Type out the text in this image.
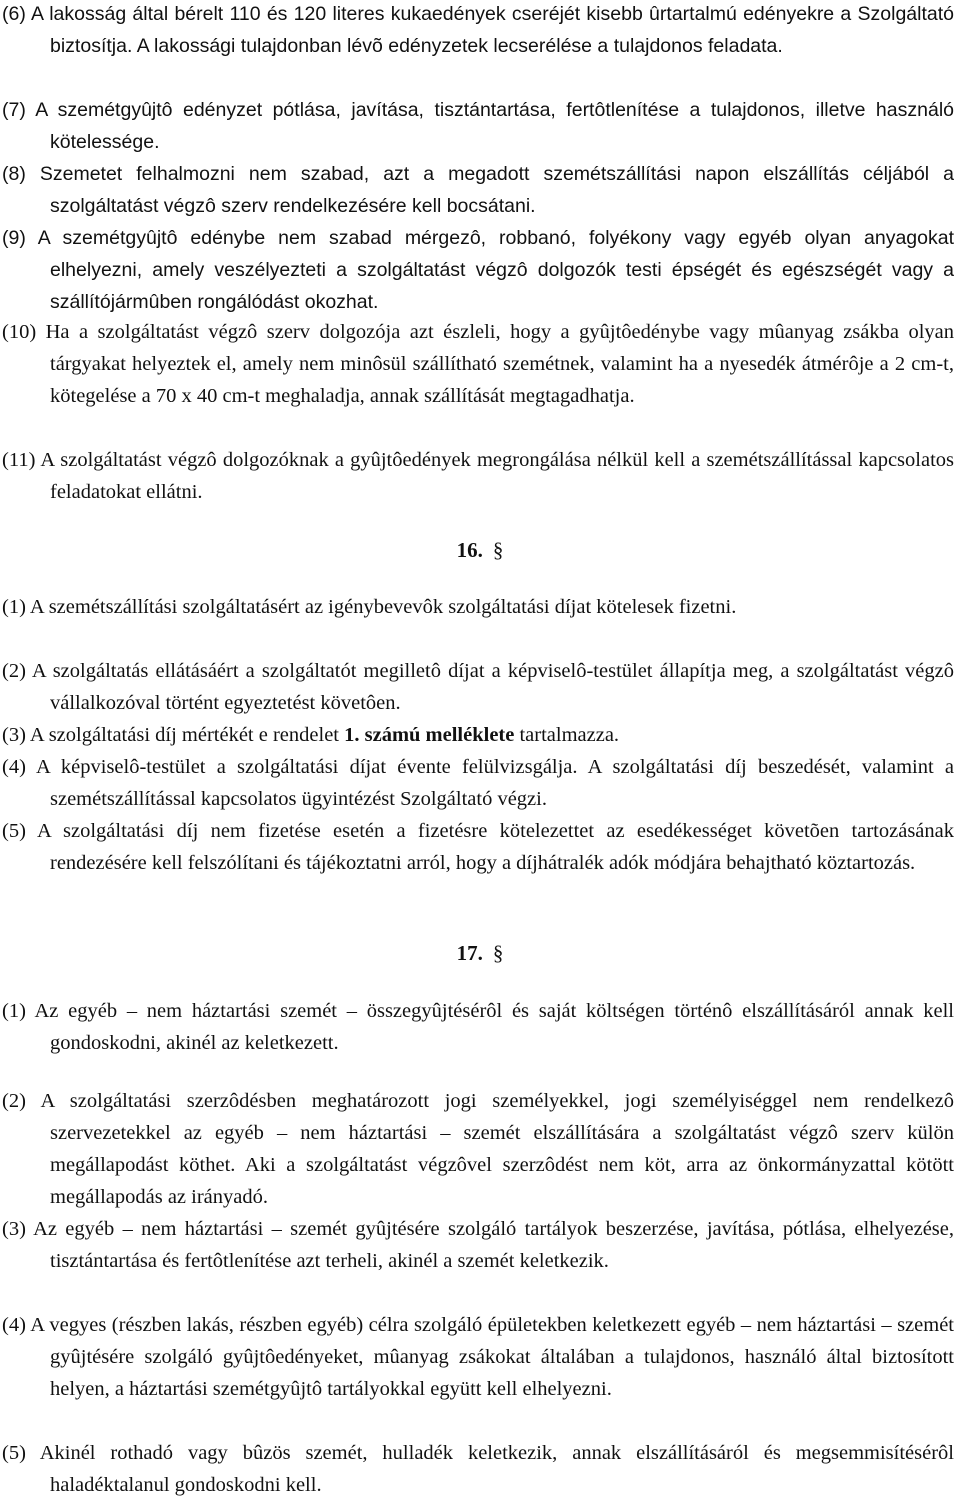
(6) A lakosság által bérelt 110 és 120 literes kukaedények cseréjét kisebb ûrtartalmú edényekre a Szolgáltató biztosítja. A lakossági tulajdonban lévõ edényzetek lecserélése a tulajdonos feladata.

(7) A szemétgyûjtô edényzet pótlása, javítása, tisztántartása, fertôtlenítése a tulajdonos, illetve használó kötelessége.

(8) Szemetet felhalmozni nem szabad, azt a megadott szemétszállítási napon elszállítás céljából a szolgáltatást végzô szerv rendelkezésére kell bocsátani.

(9) A szemétgyûjtô edénybe nem szabad mérgezô, robbanó, folyékony vagy egyéb olyan anyagokat elhelyezni, amely veszélyezteti a szolgáltatást végzô dolgozók testi épségét és egészségét vagy a szállítójármûben rongálódást okozhat.

(10) Ha a szolgáltatást végzô szerv dolgozója azt észleli, hogy a gyûjtôedénybe vagy mûanyag zsákba olyan tárgyakat helyeztek el, amely nem minôsül szállítható szemétnek, valamint ha a nyesedék átmérôje a 2 cm-t, kötegelése a 70 x 40 cm-t meghaladja, annak szállítását megtagadhatja.

(11) A szolgáltatást végzô dolgozóknak a gyûjtôedények megrongálása nélkül kell a szemétszállítással kapcsolatos feladatokat ellátni.

16. §

(1) A szemétszállítási szolgáltatásért az igénybevevôk szolgáltatási díjat kötelesek fizetni.

(2) A szolgáltatás ellátásáért a szolgáltatót megilletô díjat a képviselô-testület állapítja meg, a szolgáltatást végzô vállalkozóval történt egyeztetést követôen.

(3) A szolgáltatási díj mértékét e rendelet 1. számú melléklete tartalmazza.

(4) A képviselô-testület a szolgáltatási díjat évente felülvizsgálja. A szolgáltatási díj beszedését, valamint a szemétszállítással kapcsolatos ügyintézést Szolgáltató végzi.

(5) A szolgáltatási díj nem fizetése esetén a fizetésre kötelezettet az esedékességet követõen tartozásának rendezésére kell felszólítani és tájékoztatni arról, hogy a díjhátralék adók módjára behajtható köztartozás.

17. §

(1) Az egyéb – nem háztartási szemét – összegyûjtésérôl és saját költségen történô elszállításáról annak kell gondoskodni, akinél az keletkezett.

(2) A szolgáltatási szerzôdésben meghatározott jogi személyekkel, jogi személyiséggel nem rendelkezô szervezetekkel az egyéb – nem háztartási – szemét elszállítására a szolgáltatást végzô szerv külön megállapodást köthet. Aki a szolgáltatást végzôvel szerzôdést nem köt, arra az önkormányzattal kötött megállapodás az irányadó.

(3) Az egyéb – nem háztartási – szemét gyûjtésére szolgáló tartályok beszerzése, javítása, pótlása, elhelyezése, tisztántartása és fertôtlenítése azt terheli, akinél a szemét keletkezik.

(4) A vegyes (részben lakás, részben egyéb) célra szolgáló épületekben keletkezett egyéb – nem háztartási – szemét gyûjtésére szolgáló gyûjtôedényeket, mûanyag zsákokat általában a tulajdonos, használó által biztosított helyen, a háztartási szemétgyûjtô tartályokkal együtt kell elhelyezni.

(5) Akinél rothadó vagy bûzös szemét, hulladék keletkezik, annak elszállításáról és megsemmisítésérôl haladéktalanul gondoskodni kell.
